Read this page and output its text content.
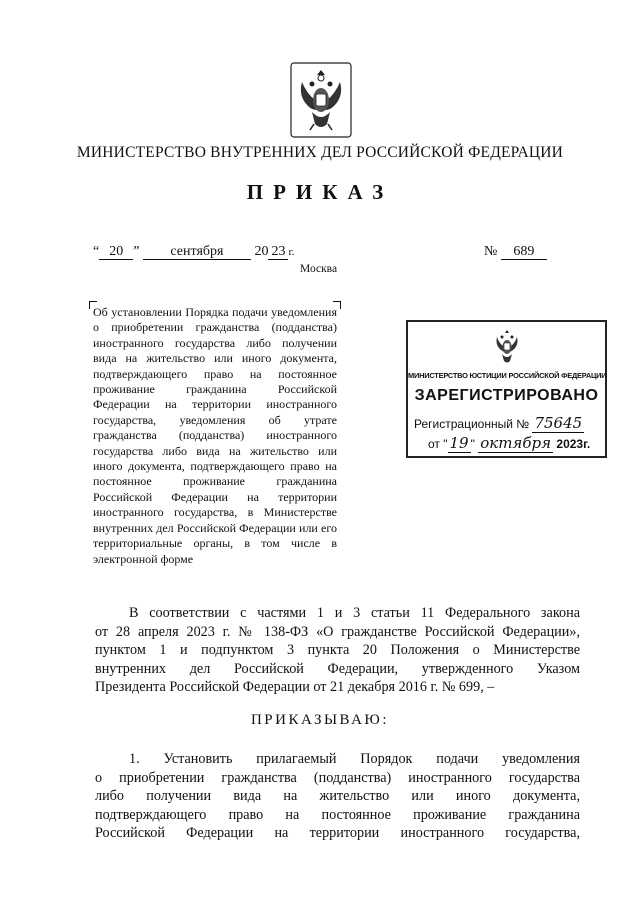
МИНИСТЕРСТВО ВНУТРЕННИХ ДЕЛ РОССИЙСКОЙ ФЕДЕРАЦИИ
ПРИКАЗ
“ 20 ” сентября 20 23 г.	№ 689
Москва
Об установлении Порядка подачи уведомления о приобретении гражданства (подданства) иностранного государства либо получении вида на жительство или иного документа, подтверждающего право на постоянное проживание гражданина Российской Федерации на территории иностранного государства, уведомления об утрате гражданства (подданства) иностранного государства либо вида на жительство или иного документа, подтверждающего право на постоянное проживание гражданина Российской Федерации на территории иностранного государства, в Министерстве внутренних дел Российской Федерации или его территориальные органы, в том числе в электронной форме
МИНИСТЕРСТВО ЮСТИЦИИ РОССИЙСКОЙ ФЕДЕРАЦИИ
ЗАРЕГИСТРИРОВАНО
Регистрационный № 75645
от " 19 " октября 2023г.
В соответствии с частями 1 и 3 статьи 11 Федерального закона
от 28 апреля 2023 г. № 138-ФЗ «О гражданстве Российской Федерации»,
пунктом 1 и подпунктом 3 пункта 20 Положения о Министерстве
внутренних дел Российской Федерации, утвержденного Указом
Президента Российской Федерации от 21 декабря 2016 г. № 699, –
ПРИКАЗЫВАЮ:
1. Установить прилагаемый Порядок подачи уведомления
о приобретении гражданства (подданства) иностранного государства
либо получении вида на жительство или иного документа,
подтверждающего право на постоянное проживание гражданина
Российской Федерации на территории иностранного государства,
